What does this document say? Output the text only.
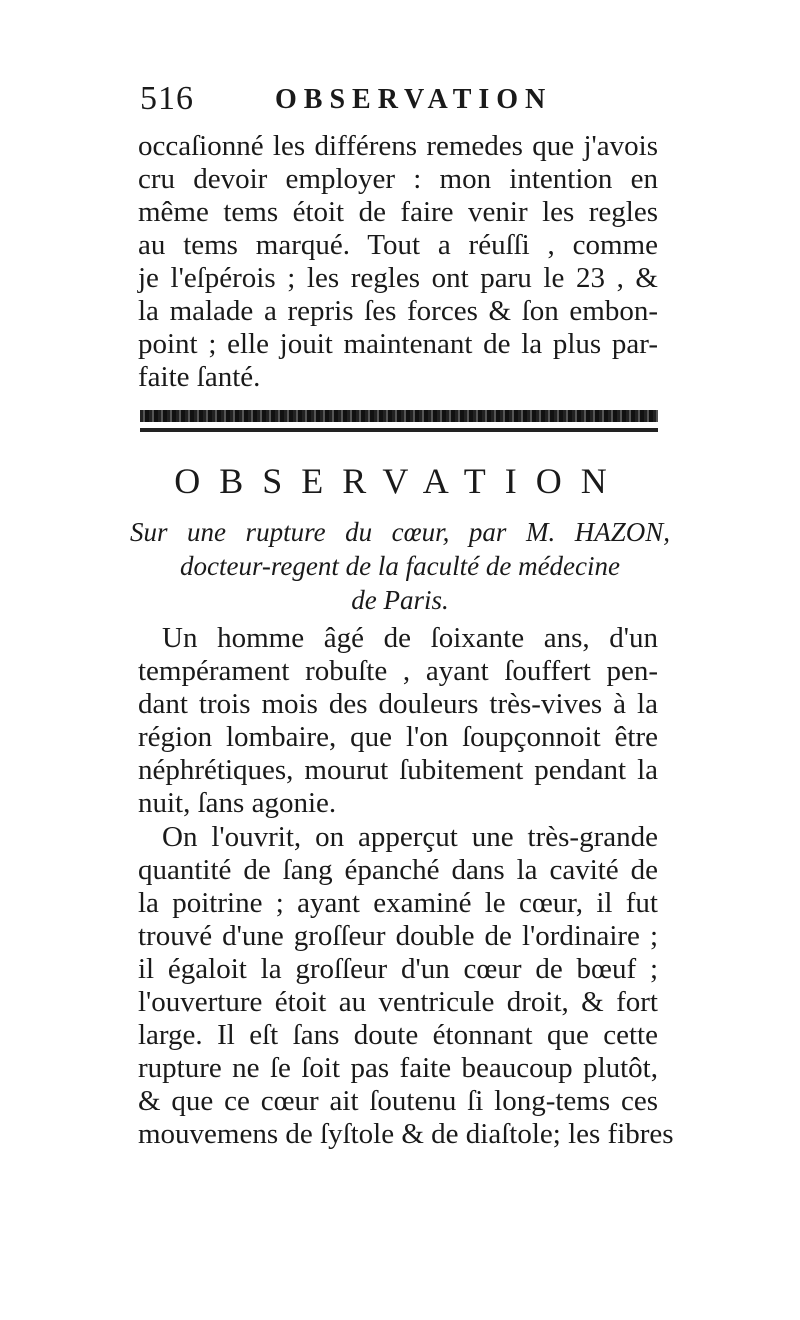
516	OBSERVATION
occaſionné les différens remedes que j'avois
cru devoir employer : mon intention en
même tems étoit de faire venir les regles
au tems marqué. Tout a réuſſi , comme
je l'eſpérois ; les regles ont paru le 23 , &
la malade a repris ſes forces & ſon embon-
point ; elle jouit maintenant de la plus par-
faite ſanté.
OBSERVATION
Sur une rupture du cœur, par M. HAZON,
docteur-regent de la faculté de médecine
de Paris.
Un homme âgé de ſoixante ans, d'un
tempérament robuſte , ayant ſouffert pen-
dant trois mois des douleurs très-vives à la
région lombaire, que l'on ſoupçonnoit être
néphrétiques, mourut ſubitement pendant la
nuit, ſans agonie.
On l'ouvrit, on apperçut une très-grande
quantité de ſang épanché dans la cavité de
la poitrine ; ayant examiné le cœur, il fut
trouvé d'une groſſeur double de l'ordinaire ;
il égaloit la groſſeur d'un cœur de bœuf ;
l'ouverture étoit au ventricule droit, & fort
large. Il eſt ſans doute étonnant que cette
rupture ne ſe ſoit pas faite beaucoup plutôt,
& que ce cœur ait ſoutenu ſi long-tems ces
mouvemens de ſyſtole & de diaſtole; les fibres
